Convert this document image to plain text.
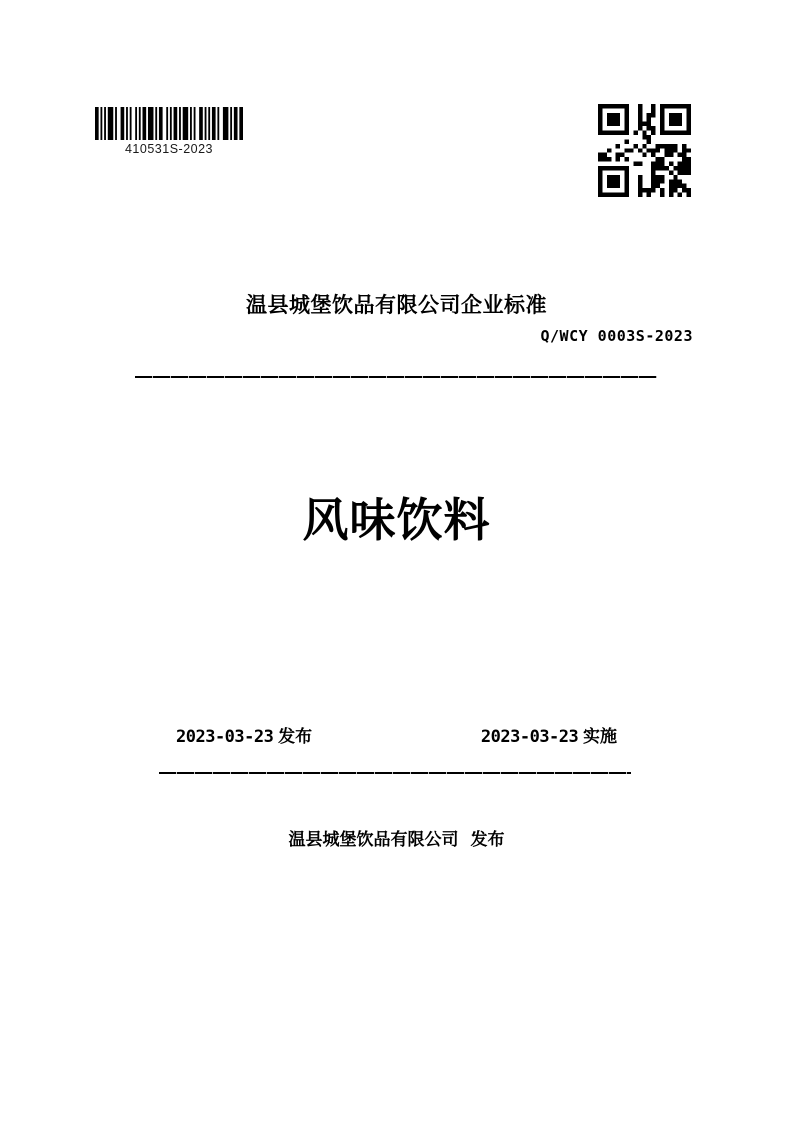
410531S-2023
温县城堡饮品有限公司企业标准
Q/WCY 0003S-2023
风味饮料
2023-03-23 发布	2023-03-23 实施
温县城堡饮品有限公司 发布
